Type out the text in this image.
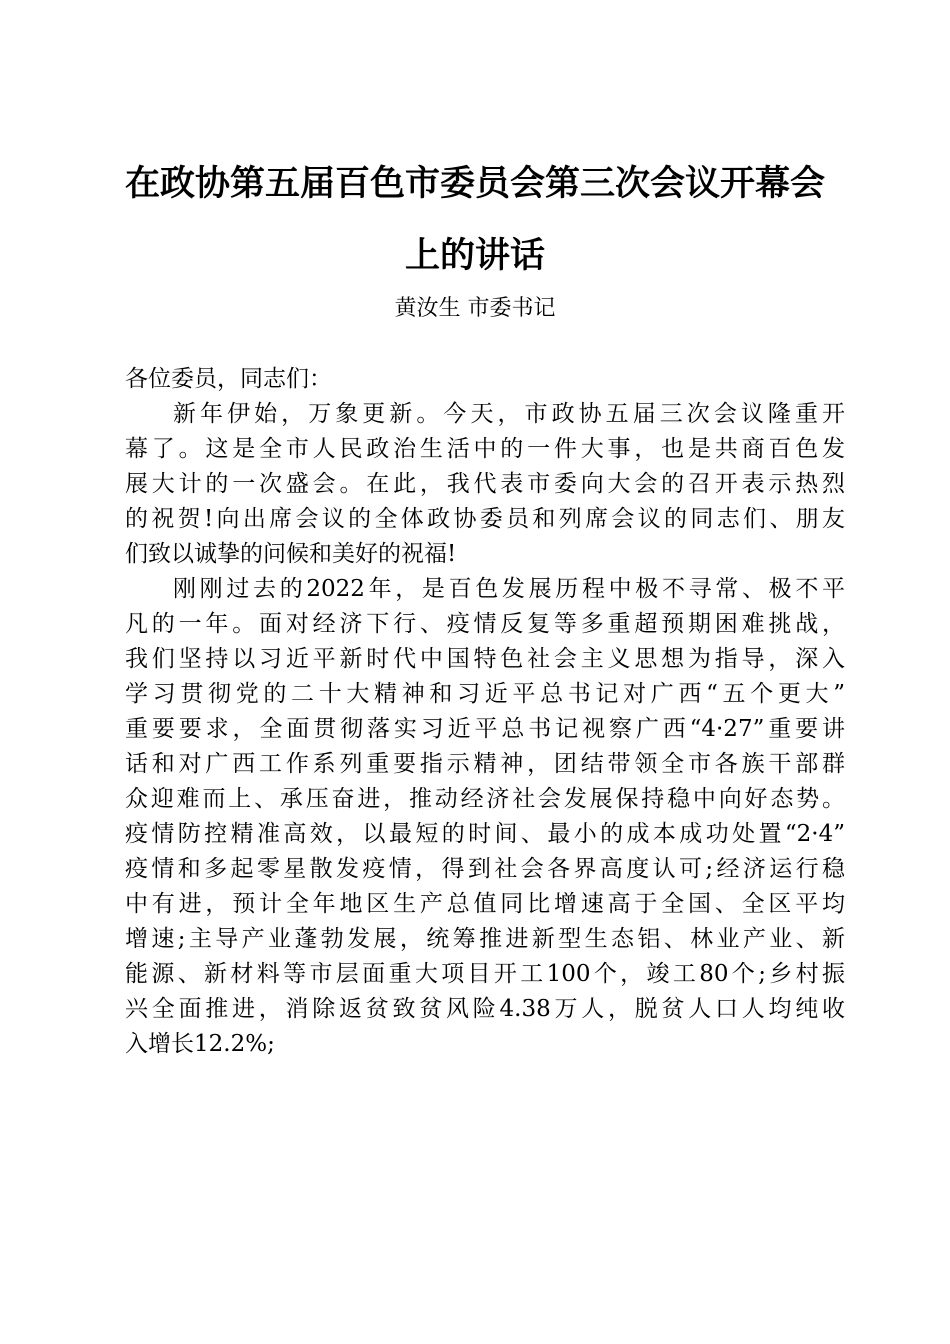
在政协第五届百色市委员会第三次会议开幕会
上的讲话
黄汝生 市委书记
各位委员，同志们：
新年伊始，万象更新。今天，市政协五届三次会议隆重开
幕了。这是全市人民政治生活中的一件大事，也是共商百色发
展大计的一次盛会。在此，我代表市委向大会的召开表示热烈
的祝贺!向出席会议的全体政协委员和列席会议的同志们、朋友
们致以诚挚的问候和美好的祝福!
刚刚过去的2022年，是百色发展历程中极不寻常、极不平
凡的一年。面对经济下行、疫情反复等多重超预期困难挑战，
我们坚持以习近平新时代中国特色社会主义思想为指导，深入
学习贯彻党的二十大精神和习近平总书记对广西“五个更大”
重要要求，全面贯彻落实习近平总书记视察广西“4·27”重要讲
话和对广西工作系列重要指示精神，团结带领全市各族干部群
众迎难而上、承压奋进，推动经济社会发展保持稳中向好态势。
疫情防控精准高效，以最短的时间、最小的成本成功处置“2·4”
疫情和多起零星散发疫情，得到社会各界高度认可;经济运行稳
中有进，预计全年地区生产总值同比增速高于全国、全区平均
增速;主导产业蓬勃发展，统筹推进新型生态铝、林业产业、新
能源、新材料等市层面重大项目开工100个，竣工80个;乡村振
兴全面推进，消除返贫致贫风险4.38万人，脱贫人口人均纯收
入增长12.2%;
